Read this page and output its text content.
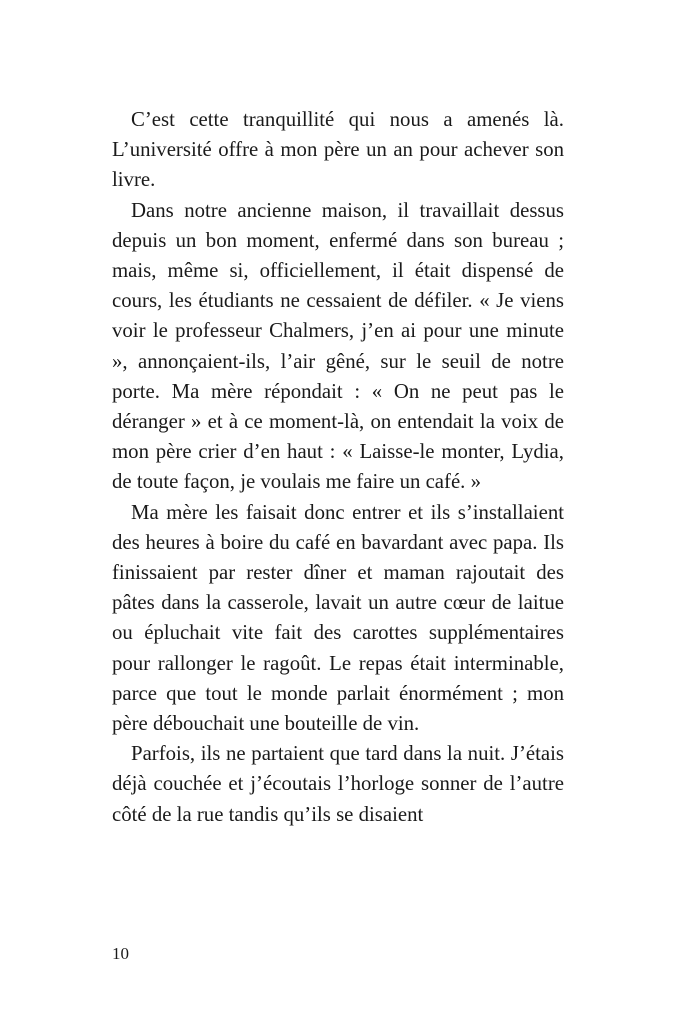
C’est cette tranquillité qui nous a amenés là. L’université offre à mon père un an pour achever son livre.

Dans notre ancienne maison, il travaillait dessus depuis un bon moment, enfermé dans son bureau ; mais, même si, officiellement, il était dispensé de cours, les étudiants ne cessaient de défiler. « Je viens voir le professeur Chalmers, j’en ai pour une minute », annonçaient-ils, l’air gêné, sur le seuil de notre porte. Ma mère répondait : « On ne peut pas le déranger » et à ce moment-là, on entendait la voix de mon père crier d’en haut : « Laisse-le monter, Lydia, de toute façon, je voulais me faire un café. »

Ma mère les faisait donc entrer et ils s’installaient des heures à boire du café en bavardant avec papa. Ils finissaient par rester dîner et maman rajoutait des pâtes dans la casserole, lavait un autre cœur de laitue ou épluchait vite fait des carottes supplémentaires pour rallonger le ragoût. Le repas était interminable, parce que tout le monde parlait énormément ; mon père débouchait une bouteille de vin.

Parfois, ils ne partaient que tard dans la nuit. J’étais déjà couchée et j’écoutais l’horloge sonner de l’autre côté de la rue tandis qu’ils se disaient

10
